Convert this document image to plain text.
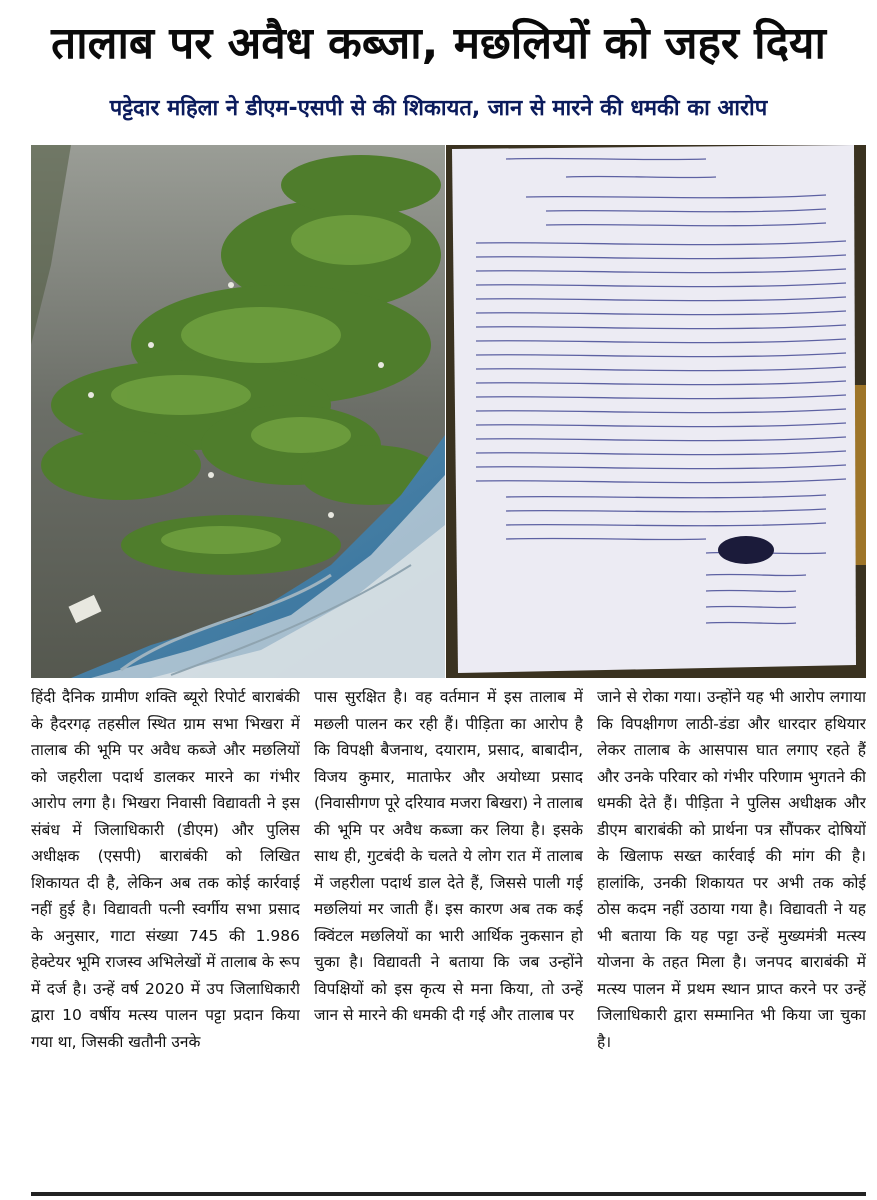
तालाब पर अवैध कब्जा, मछलियों को जहर दिया
पट्टेदार महिला ने डीएम-एसपी से की शिकायत, जान से मारने की धमकी का आरोप

हिंदी दैनिक ग्रामीण शक्ति ब्यूरो रिपोर्ट बाराबंकी के हैदरगढ़ तहसील स्थित ग्राम सभा भिखरा में तालाब की भूमि पर अवैध कब्जे और मछलियों को जहरीला पदार्थ डालकर मारने का गंभीर आरोप लगा है। भिखरा निवासी विद्यावती ने इस संबंध में जिलाधिकारी (डीएम) और पुलिस अधीक्षक (एसपी) बाराबंकी को लिखित शिकायत दी है, लेकिन अब तक कोई कार्रवाई नहीं हुई है। विद्यावती पत्नी स्वर्गीय सभा प्रसाद के अनुसार, गाटा संख्या 745 की 1.986 हेक्टेयर भूमि राजस्व अभिलेखों में तालाब के रूप में दर्ज है। उन्हें वर्ष 2020 में उप जिलाधिकारी द्वारा 10 वर्षीय मत्स्य पालन पट्टा प्रदान किया गया था, जिसकी खतौनी उनके

पास सुरक्षित है। वह वर्तमान में इस तालाब में मछली पालन कर रही हैं। पीड़िता का आरोप है कि विपक्षी बैजनाथ, दयाराम, प्रसाद, बाबादीन, विजय कुमार, माताफेर और अयोध्या प्रसाद (निवासीगण पूरे दरियाव मजरा बिखरा) ने तालाब की भूमि पर अवैध कब्जा कर लिया है। इसके साथ ही, गुटबंदी के चलते ये लोग रात में तालाब में जहरीला पदार्थ डाल देते हैं, जिससे पाली गई मछलियां मर जाती हैं। इस कारण अब तक कई क्विंटल मछलियों का भारी आर्थिक नुकसान हो चुका है। विद्यावती ने बताया कि जब उन्होंने विपक्षियों को इस कृत्य से मना किया, तो उन्हें जान से मारने की धमकी दी गई और तालाब पर

जाने से रोका गया। उन्होंने यह भी आरोप लगाया कि विपक्षीगण लाठी-डंडा और धारदार हथियार लेकर तालाब के आसपास घात लगाए रहते हैं और उनके परिवार को गंभीर परिणाम भुगतने की धमकी देते हैं। पीड़िता ने पुलिस अधीक्षक और डीएम बाराबंकी को प्रार्थना पत्र सौंपकर दोषियों के खिलाफ सख्त कार्रवाई की मांग की है। हालांकि, उनकी शिकायत पर अभी तक कोई ठोस कदम नहीं उठाया गया है। विद्यावती ने यह भी बताया कि यह पट्टा उन्हें मुख्यमंत्री मत्स्य योजना के तहत मिला है। जनपद बाराबंकी में मत्स्य पालन में प्रथम स्थान प्राप्त करने पर उन्हें जिलाधिकारी द्वारा सम्मानित भी किया जा चुका है।
